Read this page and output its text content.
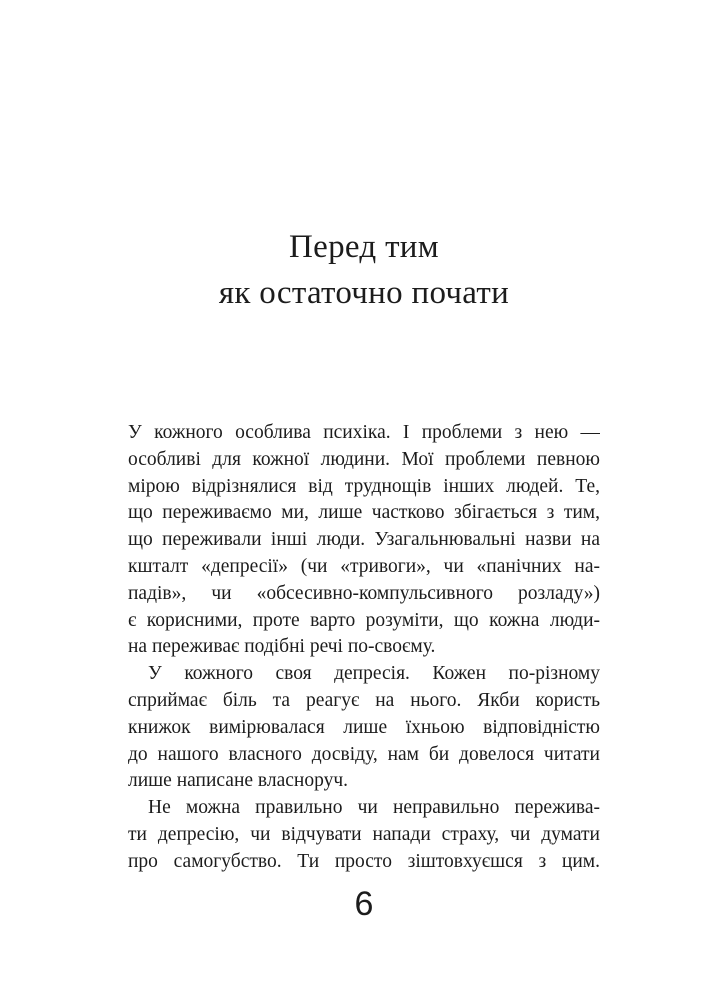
Перед тим
як остаточно почати
У кожного особлива психіка. І проблеми з нею —
особливі для кожної людини. Мої проблеми певною
мірою відрізнялися від труднощів інших людей. Те,
що переживаємо ми, лише частково збігається з тим,
що переживали інші люди. Узагальнювальні назви на
кшталт «депресії» (чи «тривоги», чи «панічних на-
падів», чи «обсесивно-компульсивного розладу»)
є корисними, проте варто розуміти, що кожна люди-
на переживає подібні речі по-своєму.
У кожного своя депресія. Кожен по-різному
сприймає біль та реагує на нього. Якби користь
книжок вимірювалася лише їхньою відповідністю
до нашого власного досвіду, нам би довелося читати
лише написане власноруч.
Не можна правильно чи неправильно пережива-
ти депресію, чи відчувати напади страху, чи думати
про самогубство. Ти просто зіштовхуєшся з цим.
6
